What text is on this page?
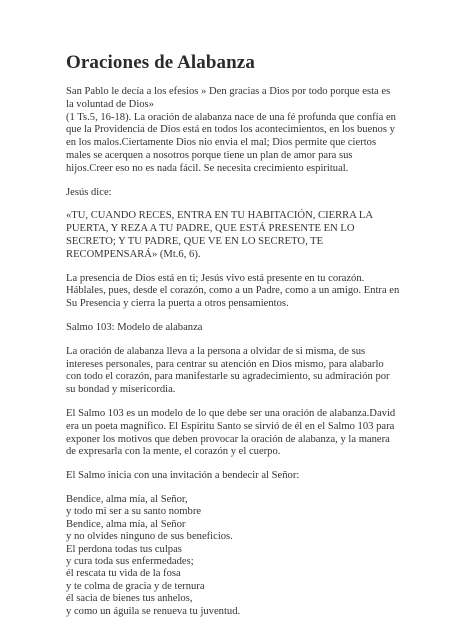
Oraciones de Alabanza

San Pablo le decía a los efesios » Den gracias a Dios por todo porque esta es
la voluntad de Dios»
(1 Ts.5, 16-18). La oración de alabanza nace de una fé profunda que confía en
que la Providencia de Dios está en todos los acontecimientos, en los buenos y
en los malos.Ciertamente Dios nio envia el mal; Dios permite que ciertos
males se acerquen a nosotros porque tiene un plan de amor para sus
hijos.Creer eso no es nada fácil. Se necesita crecimiento espiritual.

Jesús dice:

«TU, CUANDO RECES, ENTRA EN TU HABITACIÓN, CIERRA LA
PUERTA, Y REZA A TU PADRE, QUE ESTÁ PRESENTE EN LO
SECRETO; Y TU PADRE, QUE VE EN LO SECRETO, TE
RECOMPENSARÁ» (Mt.6, 6).

La presencia de Dios está en ti; Jesús vivo está presente en tu corazón.
Háblales, pues, desde el corazón, como a un Padre, como a un amigo. Entra en
Su Presencia y cierra la puerta a otros pensamientos.

Salmo 103: Modelo de alabanza

La oración de alabanza lleva a la persona a olvidar de si misma, de sus
intereses personales, para centrar su atención en Dios mismo, para alabarlo
con todo el corazón, para manifestarle su agradecimiento, su admiración por
su bondad y misericordia.

El Salmo 103 es un modelo de lo que debe ser una oración de alabanza.David
era un poeta magnífico. El Espíritu Santo se sirvió de él en el Salmo 103 para
exponer los motivos que deben provocar la oración de alabanza, y la manera
de expresarla con la mente, el corazón y el cuerpo.

El Salmo inicia con una invitación a bendecir al Señor:

Bendice, alma mía, al Señor,
y todo mi ser a su santo nombre
Bendice, alma mía, al Señor
y no olvides ninguno de sus beneficios.
El perdona todas tus culpas
y cura toda sus enfermedades;
él rescata tu vida de la fosa
y te colma de gracia y de ternura
él sacia de bienes tus anhelos,
y como un águila se renueva tu juventud.
